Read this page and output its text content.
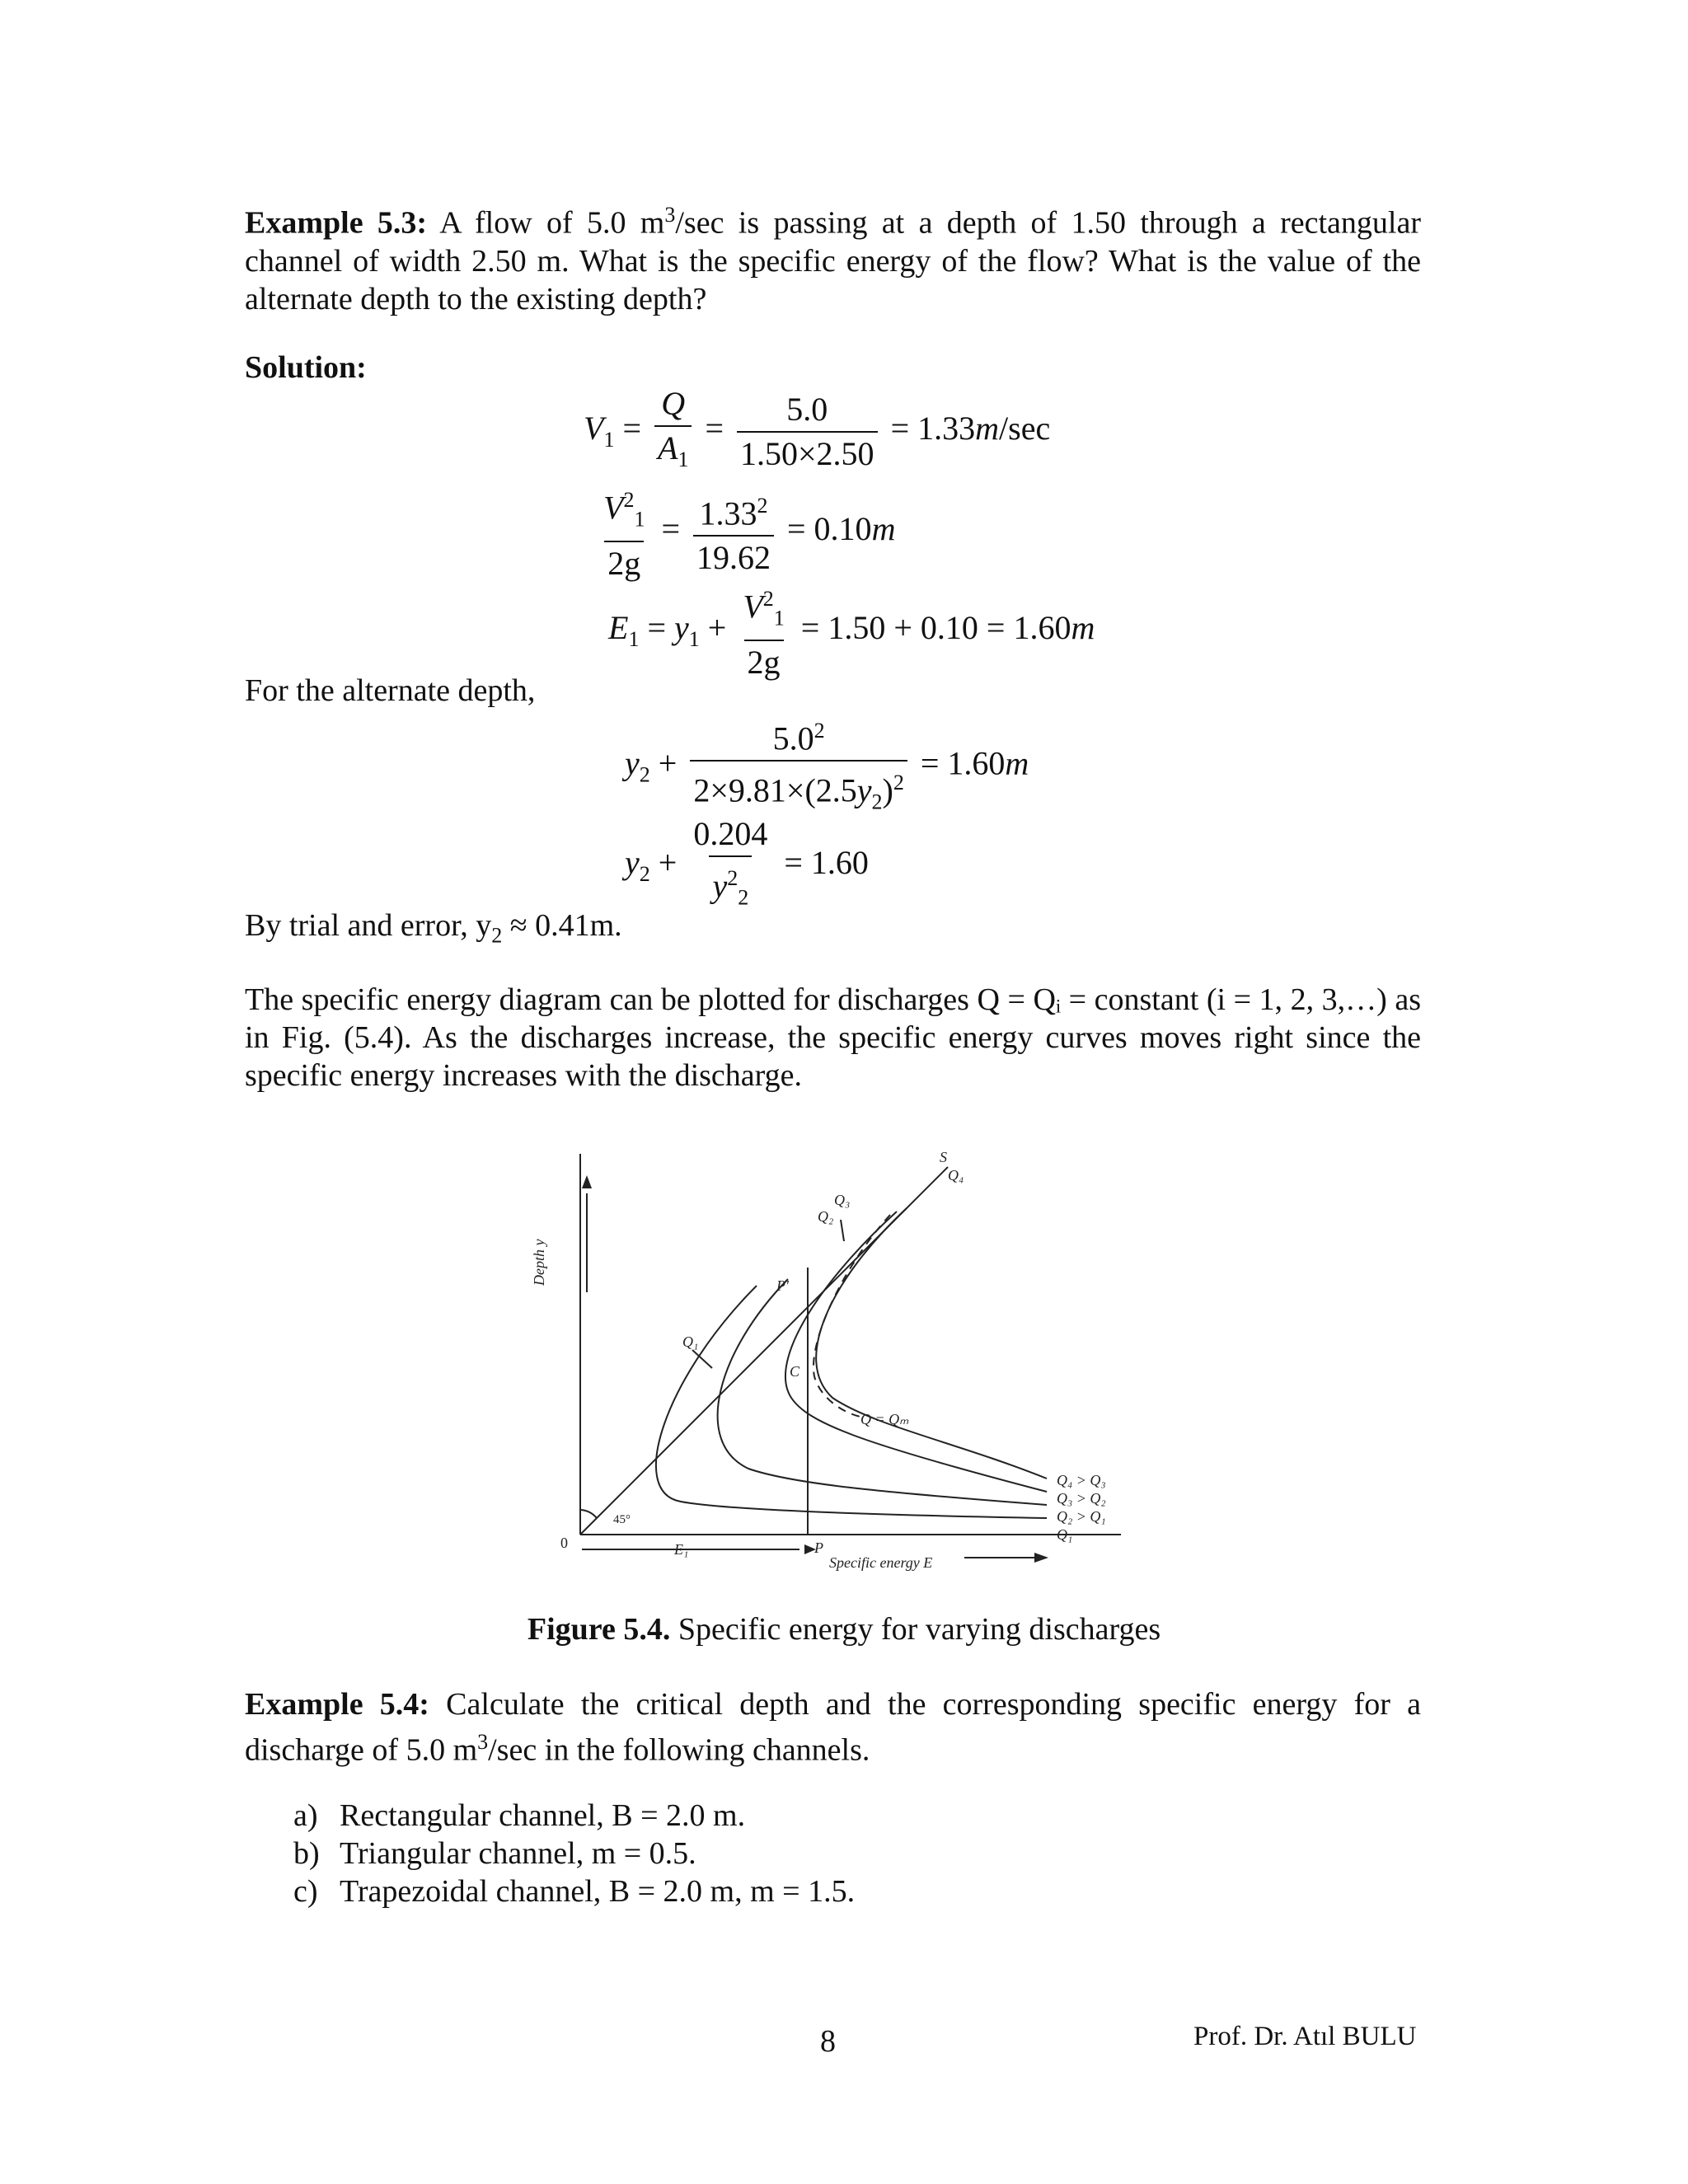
Example 5.3: A flow of 5.0 $m^3/\sec$ is passing at a depth of 1.50 through a rectangular channel of width 2.50 m. What is the specific energy of the flow? What is the value of the alternate depth to the existing depth?
Solution:
$V_1 = \frac{Q}{A_1} = \frac{5.0}{1.50\times 2.50} = 1.33m/\sec$
$\frac{V^2_1}{2g} = \frac{1.33^2}{19.62} = 0.10m$
$E_1 = y_1 + \frac{V^2_1}{2g} = 1.50 + 0.10 = 1.60m$
For the alternate depth,
$y_2 + \frac{5.0^2}{2\times 9.81\times(2.5y_2)^2} = 1.60m$
$y_2 + \frac{0.204}{y^2_2} = 1.60$
By trial and error, $y_2 \approx 0.41m$.
The specific energy diagram can be plotted for discharges Q = Qᵢ = constant (i = 1, 2, 3,…) as in Fig. (5.4). As the discharges increase, the specific energy curves moves right since the specific energy increases with the discharge.
Depth y
Specific energy E
0
45°
S
P
P'
C
E₁
Q₁
Q₂
Q₃
Q₄
Q = Qₘ
Q₄ > Q₃
Q₃ > Q₂
Q₂ > Q₁
Q₁
Figure 5.4. Specific energy for varying discharges
Example 5.4: Calculate the critical depth and the corresponding specific energy for a discharge of 5.0 $m^3/\sec$ in the following channels.
a) Rectangular channel, B = 2.0 m.
b) Triangular channel, m = 0.5.
c) Trapezoidal channel, B = 2.0 m, m = 1.5.
8	Prof. Dr. Atıl BULU
